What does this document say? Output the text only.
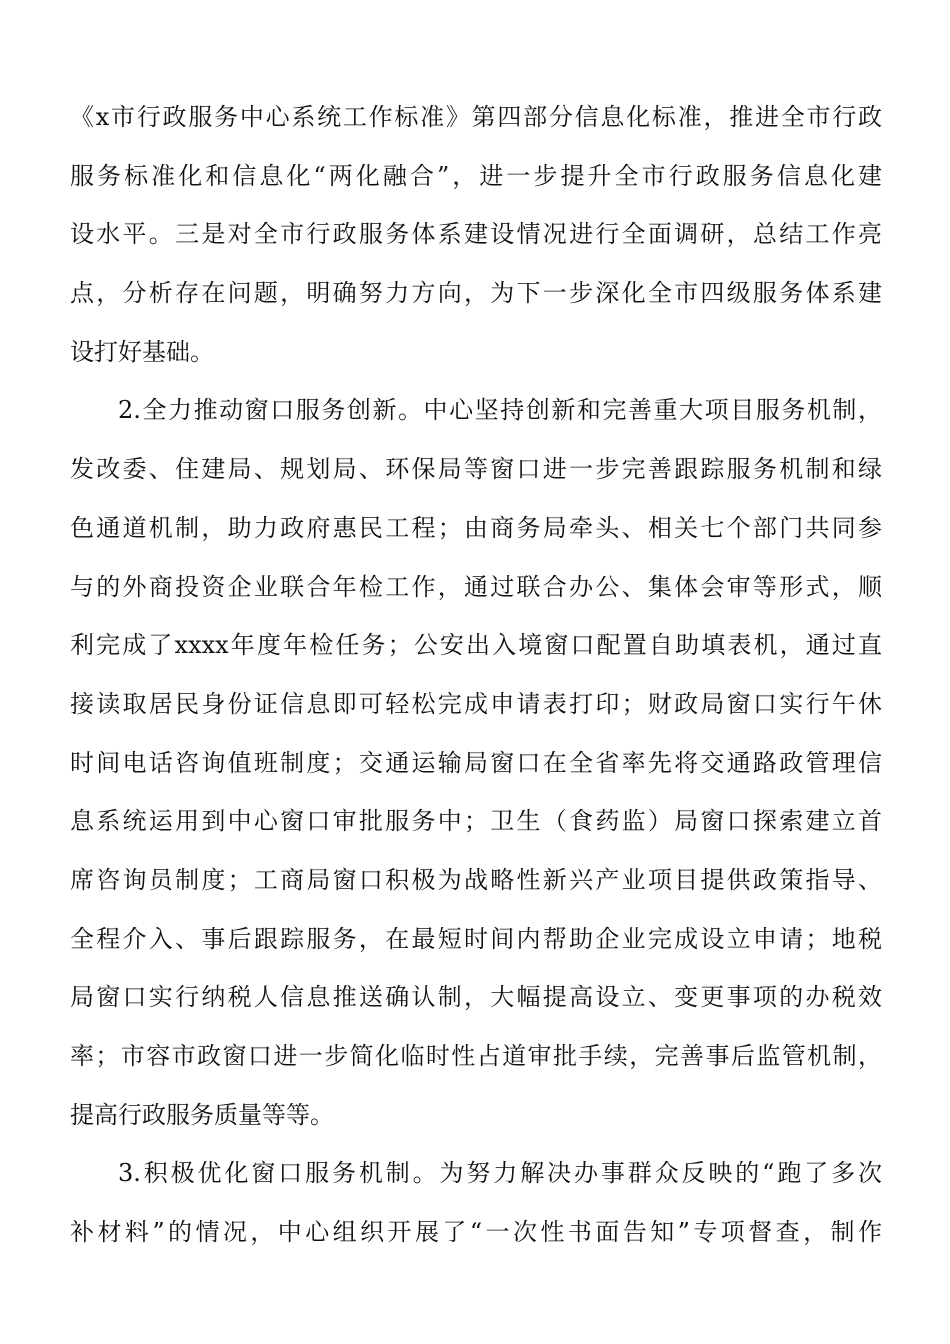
《x市行政服务中心系统工作标准》第四部分信息化标准，推进全市行政
服务标准化和信息化“两化融合”，进一步提升全市行政服务信息化建
设水平。三是对全市行政服务体系建设情况进行全面调研，总结工作亮
点，分析存在问题，明确努力方向，为下一步深化全市四级服务体系建
设打好基础。
2.全力推动窗口服务创新。中心坚持创新和完善重大项目服务机制，
发改委、住建局、规划局、环保局等窗口进一步完善跟踪服务机制和绿
色通道机制，助力政府惠民工程；由商务局牵头、相关七个部门共同参
与的外商投资企业联合年检工作，通过联合办公、集体会审等形式，顺
利完成了xxxx年度年检任务；公安出入境窗口配置自助填表机，通过直
接读取居民身份证信息即可轻松完成申请表打印；财政局窗口实行午休
时间电话咨询值班制度；交通运输局窗口在全省率先将交通路政管理信
息系统运用到中心窗口审批服务中；卫生（食药监）局窗口探索建立首
席咨询员制度；工商局窗口积极为战略性新兴产业项目提供政策指导、
全程介入、事后跟踪服务，在最短时间内帮助企业完成设立申请；地税
局窗口实行纳税人信息推送确认制，大幅提高设立、变更事项的办税效
率；市容市政窗口进一步简化临时性占道审批手续，完善事后监管机制，
提高行政服务质量等等。
3.积极优化窗口服务机制。为努力解决办事群众反映的“跑了多次
补材料”的情况，中心组织开展了“一次性书面告知”专项督查，制作
